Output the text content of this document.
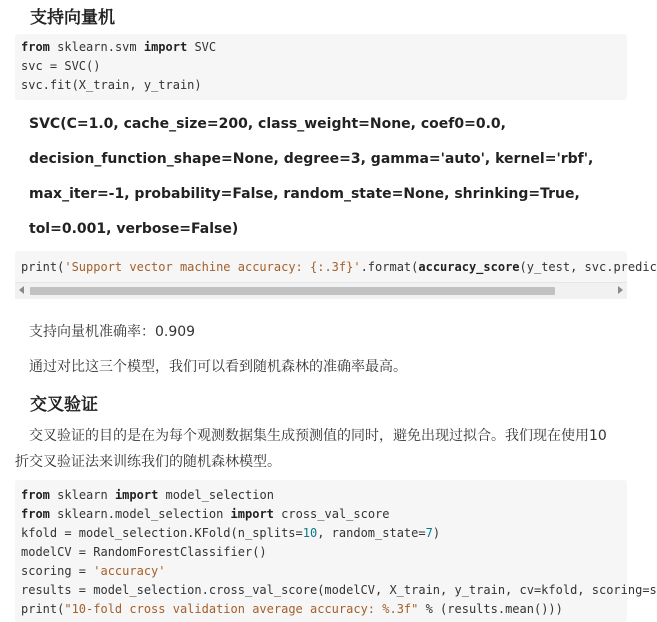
支持向量机
from sklearn.svm import SVC
svc = SVC()
svc.fit(X_train, y_train)
SVC(C=1.0, cache_size=200, class_weight=None, coef0=0.0,
decision_function_shape=None, degree=3, gamma='auto', kernel='rbf',
max_iter=-1, probability=False, random_state=None, shrinking=True,
tol=0.001, verbose=False)
print('Support vector machine accuracy: {:.3f}'.format(accuracy_score(y_test, svc.predic
支持向量机准确率：0.909
通过对比这三个模型，我们可以看到随机森林的准确率最高。
交叉验证
交叉验证的目的是在为每个观测数据集生成预测值的同时，避免出现过拟合。我们现在使用10
折交叉验证法来训练我们的随机森林模型。
from sklearn import model_selection
from sklearn.model_selection import cross_val_score
kfold = model_selection.KFold(n_splits=10, random_state=7)
modelCV = RandomForestClassifier()
scoring = 'accuracy'
results = model_selection.cross_val_score(modelCV, X_train, y_train, cv=kfold, scoring=s
print("10-fold cross validation average accuracy: %.3f" % (results.mean()))
